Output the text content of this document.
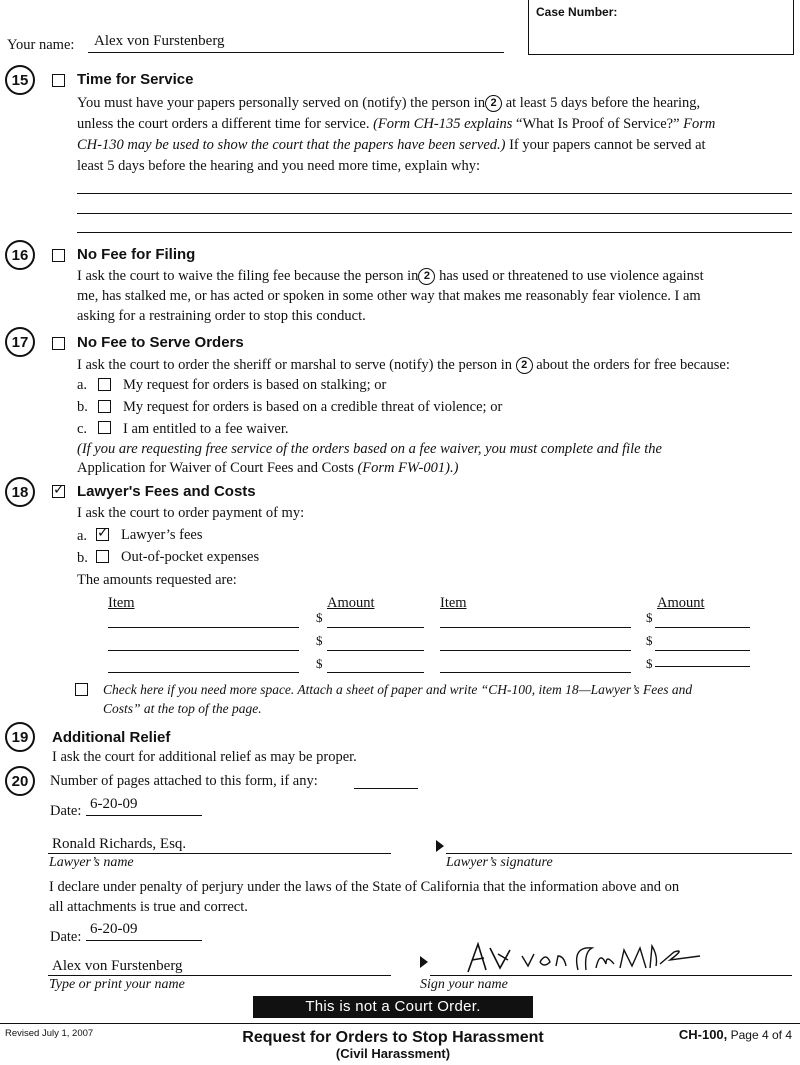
Your name: Alex von Furstenberg
Case Number:
15	Time for Service
You must have your papers personally served on (notify) the person in 2 at least 5 days before the hearing,
unless the court orders a different time for service. (Form CH-135 explains “What Is Proof of Service?” Form
CH-130 may be used to show the court that the papers have been served.) If your papers cannot be served at
least 5 days before the hearing and you need more time, explain why:
16	No Fee for Filing
I ask the court to waive the filing fee because the person in 2 has used or threatened to use violence against
me, has stalked me, or has acted or spoken in some other way that makes me reasonably fear violence. I am
asking for a restraining order to stop this conduct.
17	No Fee to Serve Orders
I ask the court to order the sheriff or marshal to serve (notify) the person in 2 about the orders for free because:
a. My request for orders is based on stalking; or
b. My request for orders is based on a credible threat of violence; or
c. I am entitled to a fee waiver.
(If you are requesting free service of the orders based on a fee waiver, you must complete and file the
Application for Waiver of Court Fees and Costs (Form FW-001).)
18 ✓	Lawyer's Fees and Costs
I ask the court to order payment of my:
a. ✓ Lawyer’s fees
b. Out-of-pocket expenses
The amounts requested are:
Item	Amount	Item	Amount
$	$
$	$
$	$
Check here if you need more space. Attach a sheet of paper and write “CH-100, item 18—Lawyer’s Fees and
Costs” at the top of the page.
19	Additional Relief
I ask the court for additional relief as may be proper.
20	Number of pages attached to this form, if any:
Date: 6-20-09
Ronald Richards, Esq.
Lawyer’s name	Lawyer’s signature
I declare under penalty of perjury under the laws of the State of California that the information above and on
all attachments is true and correct.
Date: 6-20-09
Alex von Furstenberg
Type or print your name	Sign your name
This is not a Court Order.
Revised July 1, 2007	Request for Orders to Stop Harassment
(Civil Harassment)
CH-100, Page 4 of 4
